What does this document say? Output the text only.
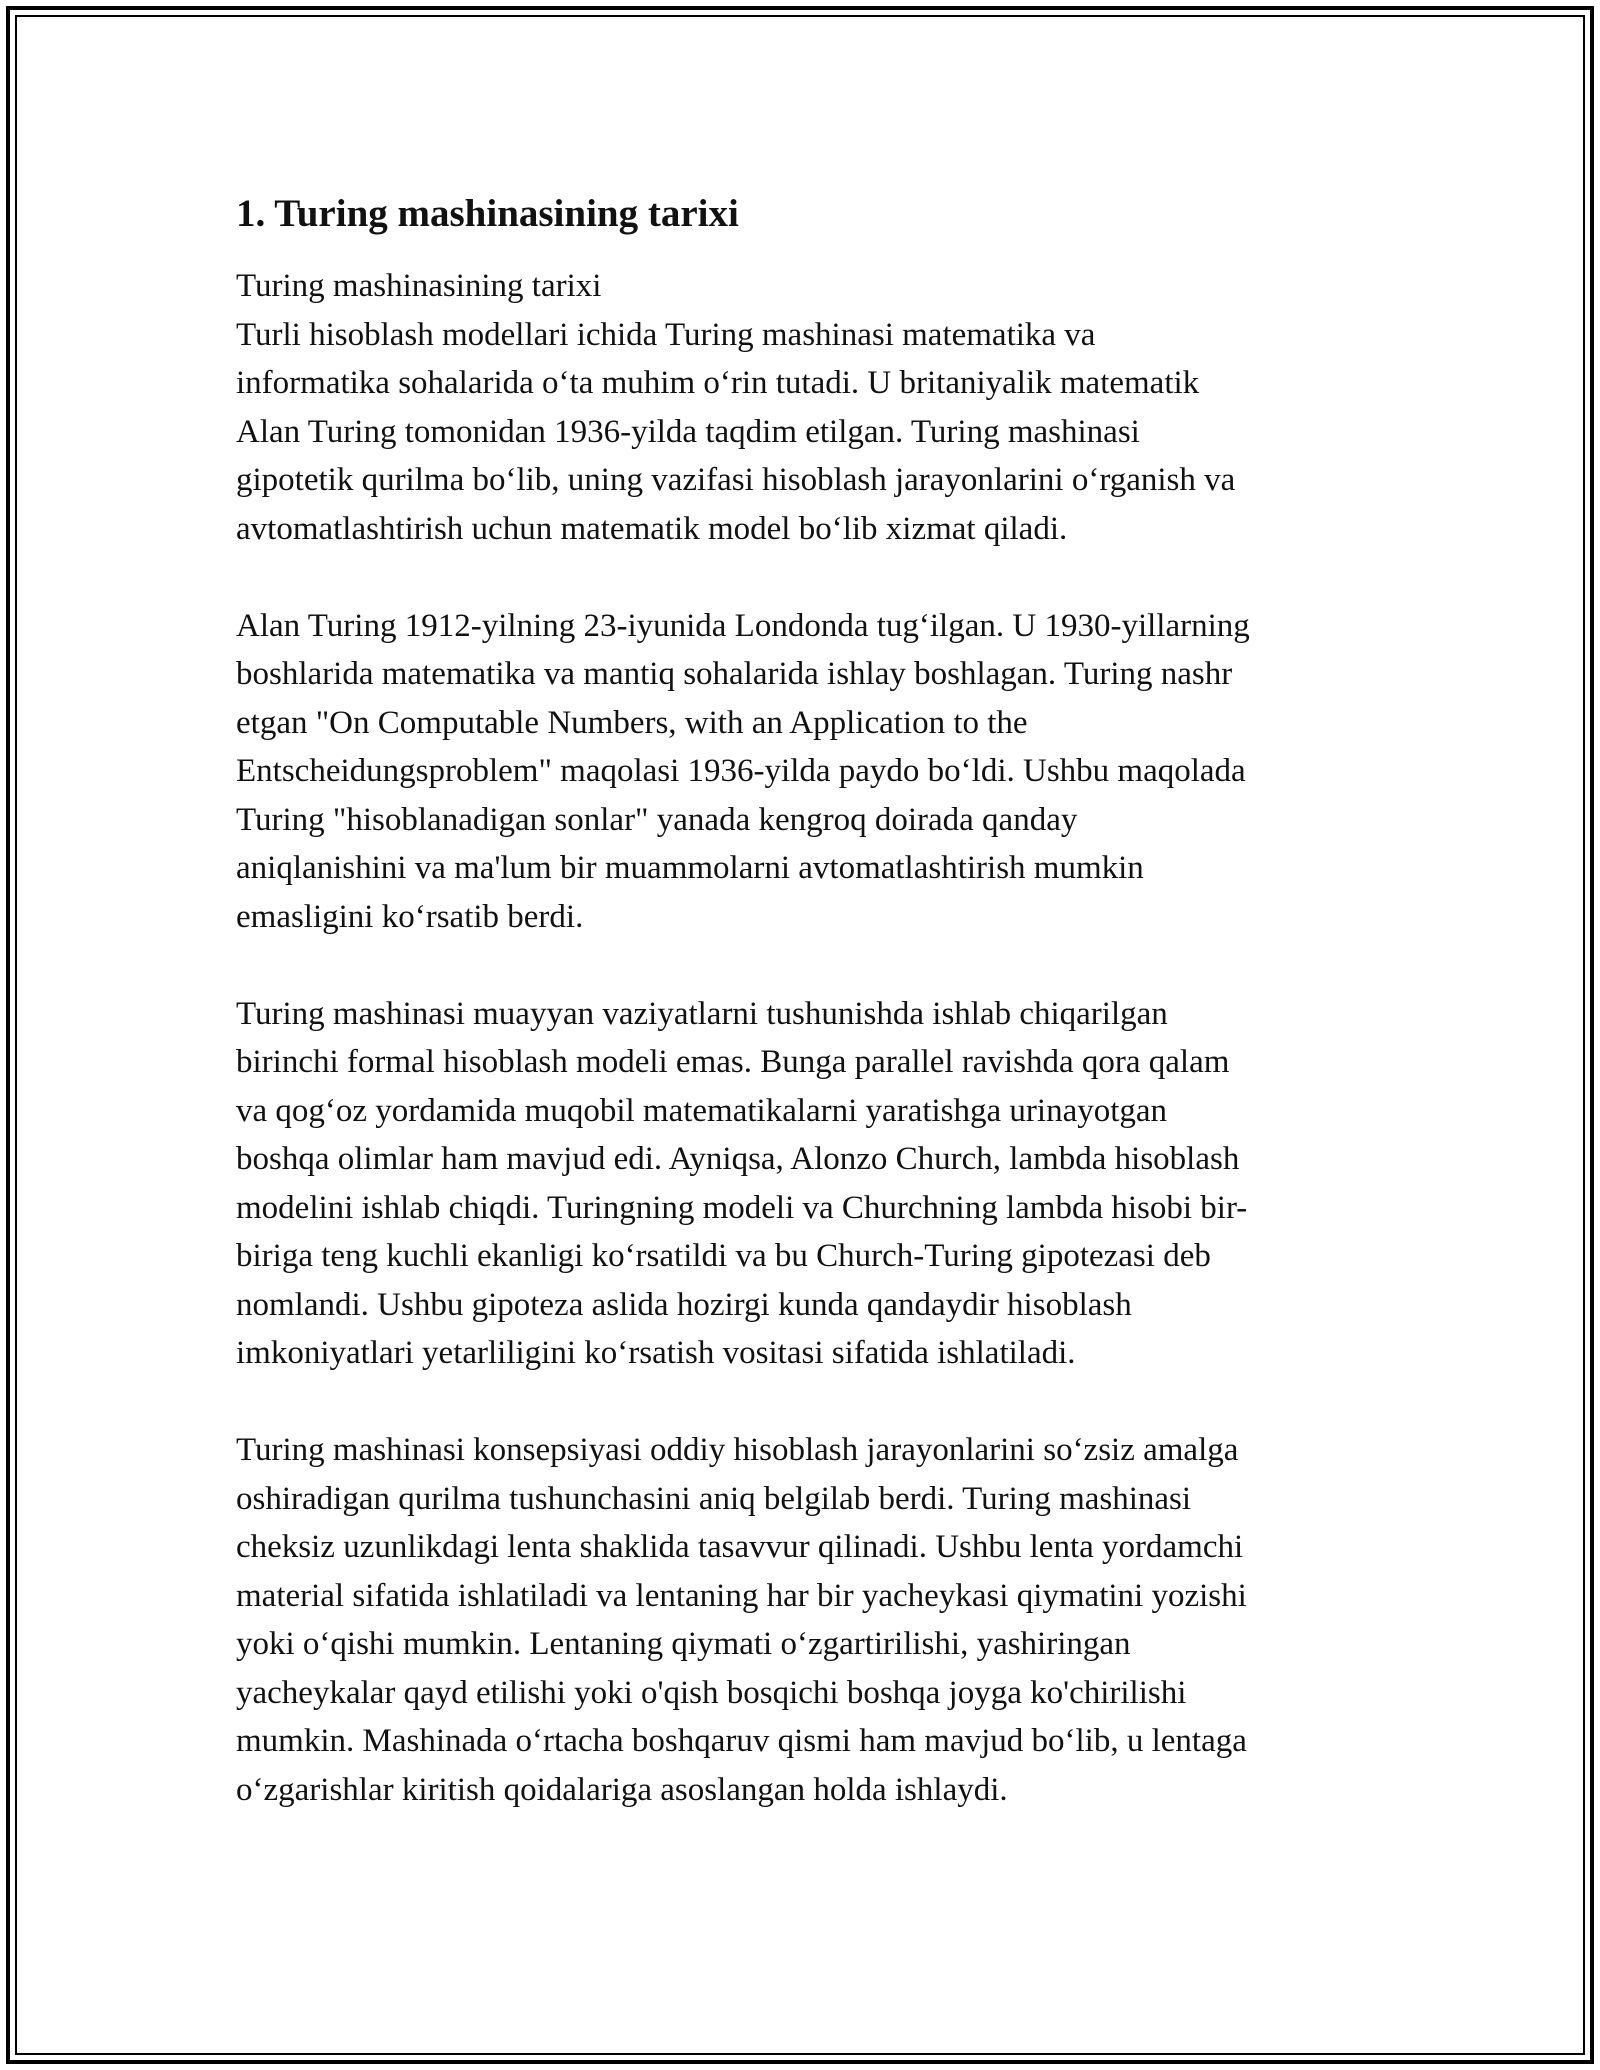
1. Turing mashinasining tarixi

Turing mashinasining tarixi

Turli hisoblash modellari ichida Turing mashinasi matematika va
informatika sohalarida oʻta muhim oʻrin tutadi. U britaniyalik matematik
Alan Turing tomonidan 1936-yilda taqdim etilgan. Turing mashinasi
gipotetik qurilma boʻlib, uning vazifasi hisoblash jarayonlarini oʻrganish va
avtomatlashtirish uchun matematik model boʻlib xizmat qiladi.

Alan Turing 1912-yilning 23-iyunida Londonda tugʻilgan. U 1930-yillarning
boshlarida matematika va mantiq sohalarida ishlay boshlagan. Turing nashr
etgan "On Computable Numbers, with an Application to the
Entscheidungsproblem" maqolasi 1936-yilda paydo boʻldi. Ushbu maqolada
Turing "hisoblanadigan sonlar" yanada kengroq doirada qanday
aniqlanishini va ma'lum bir muammolarni avtomatlashtirish mumkin
emasligini koʻrsatib berdi.

Turing mashinasi muayyan vaziyatlarni tushunishda ishlab chiqarilgan
birinchi formal hisoblash modeli emas. Bunga parallel ravishda qora qalam
va qogʻoz yordamida muqobil matematikalarni yaratishga urinayotgan
boshqa olimlar ham mavjud edi. Ayniqsa, Alonzo Church, lambda hisoblash
modelini ishlab chiqdi. Turingning modeli va Churchning lambda hisobi bir-
biriga teng kuchli ekanligi koʻrsatildi va bu Church-Turing gipotezasi deb
nomlandi. Ushbu gipoteza aslida hozirgi kunda qandaydir hisoblash
imkoniyatlari yetarliligini koʻrsatish vositasi sifatida ishlatiladi.

Turing mashinasi konsepsiyasi oddiy hisoblash jarayonlarini soʻzsiz amalga
oshiradigan qurilma tushunchasini aniq belgilab berdi. Turing mashinasi
cheksiz uzunlikdagi lenta shaklida tasavvur qilinadi. Ushbu lenta yordamchi
material sifatida ishlatiladi va lentaning har bir yacheykasi qiymatini yozishi
yoki oʻqishi mumkin. Lentaning qiymati oʻzgartirilishi, yashiringan
yacheykalar qayd etilishi yoki o'qish bosqichi boshqa joyga ko'chirilishi
mumkin. Mashinada oʻrtacha boshqaruv qismi ham mavjud boʻlib, u lentaga
oʻzgarishlar kiritish qoidalariga asoslangan holda ishlaydi.
